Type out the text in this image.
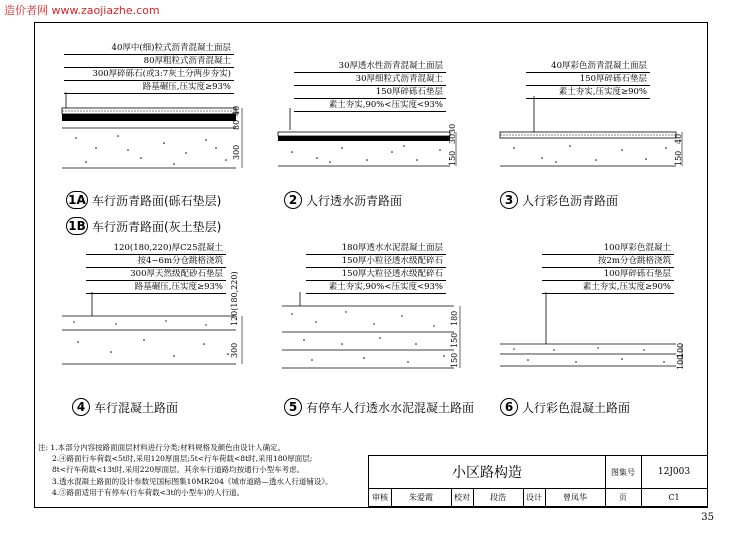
造价者网 www.zaojiazhe.com
40厚中(细)粒式沥青混凝土面层
80厚粗粒式沥青混凝土
300厚碎砾石(或3:7灰土分两步夯实)
路基碾压,压实度≥93%
40
80
300
1A 车行沥青路面(砾石垫层)
1B 车行沥青路面(灰土垫层)
30厚透水性沥青混凝土面层
30厚细粒式沥青混凝土
150厚碎砾石垫层
素土夯实,90%<压实度<93%
30
30
150
2 人行透水沥青路面
40厚彩色沥青混凝土面层
150厚碎砾石垫层
素土夯实,压实度≥90%
40
150
3 人行彩色沥青路面
120(180,220)厚C25混凝土
按4~6m分仓跳格浇筑
300厚天然级配砂石垫层
路基碾压,压实度≥93% 120(180,220)
300
4 车行混凝土路面
180厚透水水泥混凝土面层
150厚小粒径透水级配碎石
150厚大粒径透水级配碎石
素土夯实,90%<压实度<93%
180
150
150
5 有停车人行透水水泥混凝土路面
100厚彩色混凝土
按2m分仓跳格浇筑
100厚碎砾石垫层
素土夯实,压实度≥90%
100
100
6 人行彩色混凝土路面
注: 1.本部分内容按路面面层材料进行分类;材料规格及颜色由设计人确定。
2.④路面行车荷载<5t时,采用120厚面层;5t<行车荷载<8t时,采用180厚面层;
8t<行车荷载<13t时,采用220厚面层。其余车行道路均按通行小型车考虑。
3.透水混凝土路面的设计参数见国标图集10MR204《城市道路—透水人行道铺设》。
4.⑤路面适用于有停车(行车荷载<3t的小型车)的人行道。
小区路构造	图集号	12J003
审核	朱爱霞	校对	段浩	设计	曾凤华	页	C1
35
